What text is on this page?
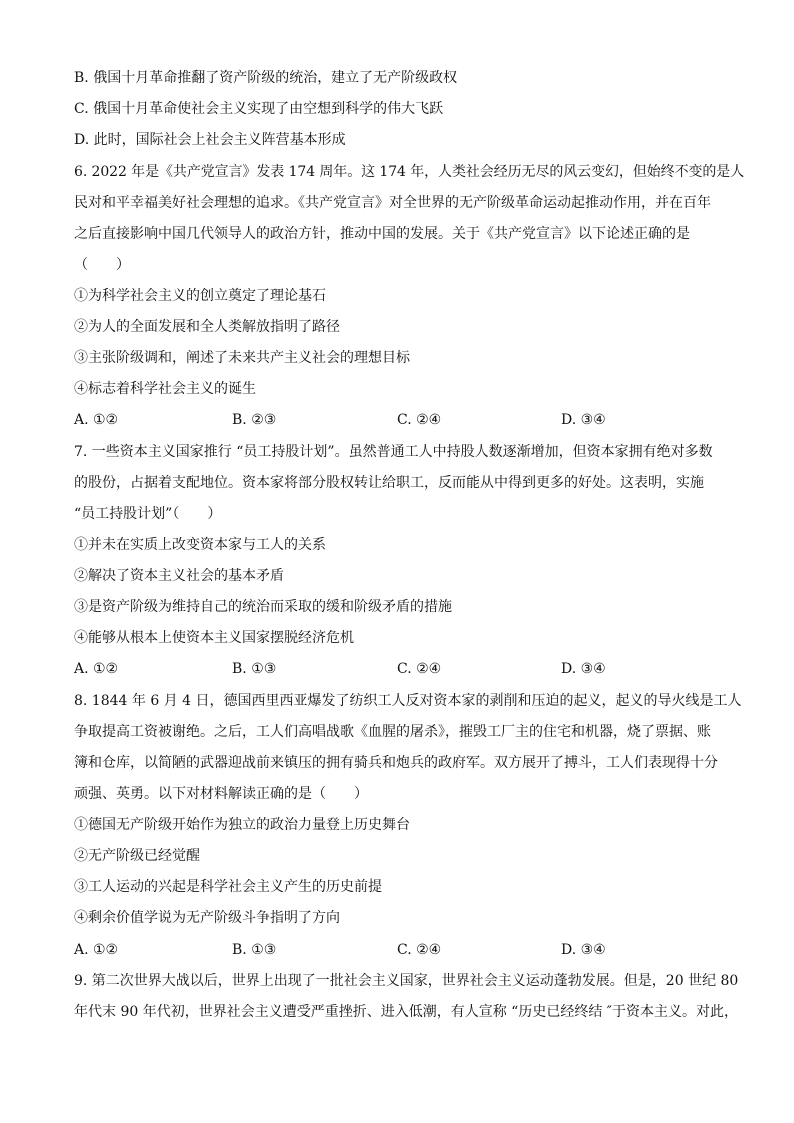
B. 俄国十月革命推翻了资产阶级的统治，建立了无产阶级政权
C. 俄国十月革命使社会主义实现了由空想到科学的伟大飞跃
D. 此时，国际社会上社会主义阵营基本形成
6. 2022 年是《共产党宣言》发表 174 周年。这 174 年，人类社会经历无尽的风云变幻，但始终不变的是人
民对和平幸福美好社会理想的追求。《共产党宣言》对全世界的无产阶级革命运动起推动作用，并在百年
之后直接影响中国几代领导人的政治方针，推动中国的发展。关于《共产党宣言》以下论述正确的是
（　　）
①为科学社会主义的创立奠定了理论基石
②为人的全面发展和全人类解放指明了路径
③主张阶级调和，阐述了未来共产主义社会的理想目标
④标志着科学社会主义的诞生
A. ①②	B. ②③	C. ②④	D. ③④
7. 一些资本主义国家推行 “员工持股计划”。虽然普通工人中持股人数逐渐增加，但资本家拥有绝对多数
的股份，占据着支配地位。资本家将部分股权转让给职工，反而能从中得到更多的好处。这表明，实施
“员工持股计划”（　　）
①并未在实质上改变资本家与工人的关系
②解决了资本主义社会的基本矛盾
③是资产阶级为维持自己的统治而采取的缓和阶级矛盾的措施
④能够从根本上使资本主义国家摆脱经济危机
A. ①②	B. ①③	C. ②④	D. ③④
8. 1844 年 6 月 4 日，德国西里西亚爆发了纺织工人反对资本家的剥削和压迫的起义，起义的导火线是工人
争取提高工资被谢绝。之后，工人们高唱战歌《血腥的屠杀》，摧毁工厂主的住宅和机器，烧了票据、账
簿和仓库，以简陋的武器迎战前来镇压的拥有骑兵和炮兵的政府军。双方展开了搏斗，工人们表现得十分
顽强、英勇。以下对材料解读正确的是（　　）
①德国无产阶级开始作为独立的政治力量登上历史舞台
②无产阶级已经觉醒
③工人运动的兴起是科学社会主义产生的历史前提
④剩余价值学说为无产阶级斗争指明了方向
A. ①②	B. ①③	C. ②④	D. ③④
9. 第二次世界大战以后，世界上出现了一批社会主义国家，世界社会主义运动蓬勃发展。但是，20 世纪 80
年代末 90 年代初，世界社会主义遭受严重挫折、进入低潮，有人宣称 “历史已经终结 ″于资本主义。对此，
